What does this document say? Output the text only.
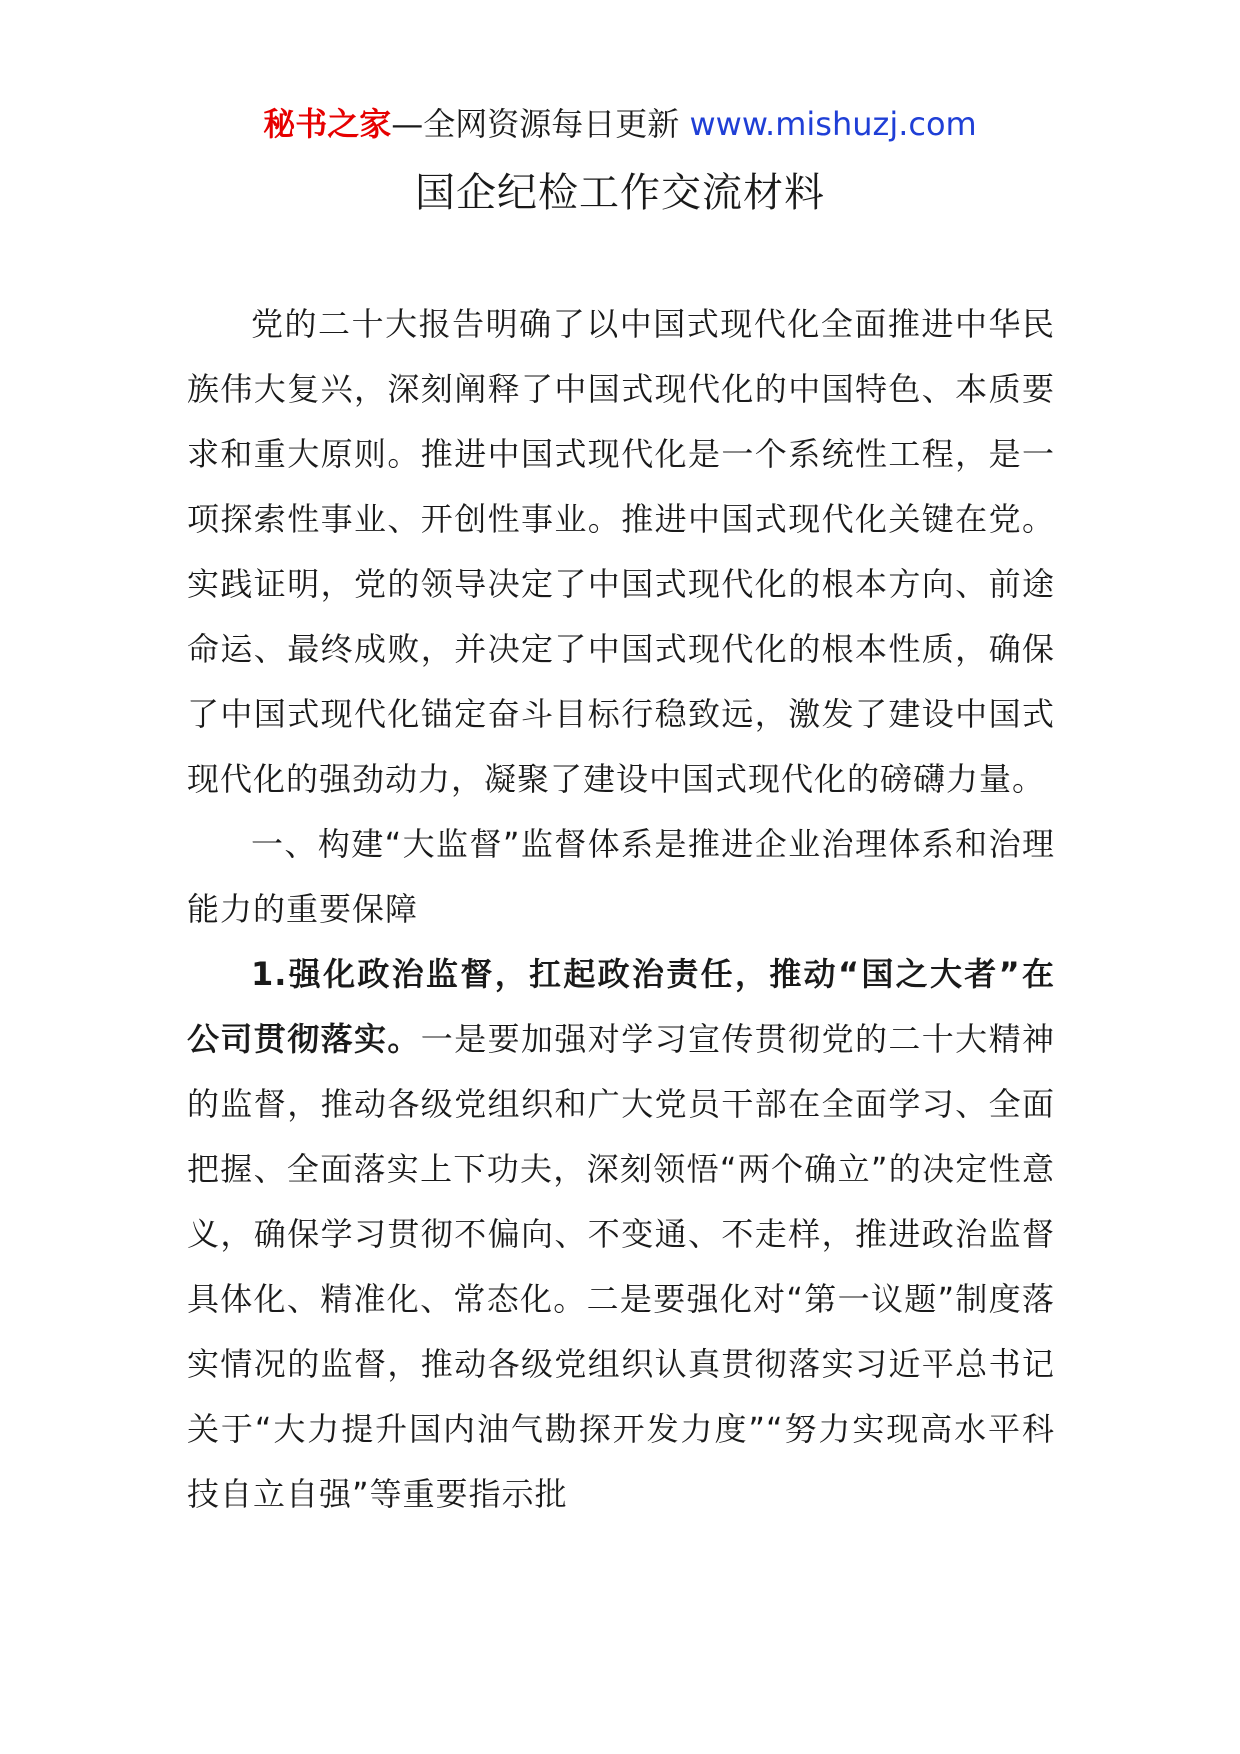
秘书之家—全网资源每日更新 www.mishuzj.com
国企纪检工作交流材料

党的二十大报告明确了以中国式现代化全面推进中华民族伟大复兴，深刻阐释了中国式现代化的中国特色、本质要求和重大原则。推进中国式现代化是一个系统性工程，是一项探索性事业、开创性事业。推进中国式现代化关键在党。实践证明，党的领导决定了中国式现代化的根本方向、前途命运、最终成败，并决定了中国式现代化的根本性质，确保了中国式现代化锚定奋斗目标行稳致远，激发了建设中国式现代化的强劲动力，凝聚了建设中国式现代化的磅礴力量。

一、构建“大监督”监督体系是推进企业治理体系和治理能力的重要保障

1.强化政治监督，扛起政治责任，推动“国之大者”在公司贯彻落实。一是要加强对学习宣传贯彻党的二十大精神的监督，推动各级党组织和广大党员干部在全面学习、全面把握、全面落实上下功夫，深刻领悟“两个确立”的决定性意义，确保学习贯彻不偏向、不变通、不走样，推进政治监督具体化、精准化、常态化。二是要强化对“第一议题”制度落实情况的监督，推动各级党组织认真贯彻落实习近平总书记关于“大力提升国内油气勘探开发力度”“努力实现高水平科技自立自强”等重要指示批
